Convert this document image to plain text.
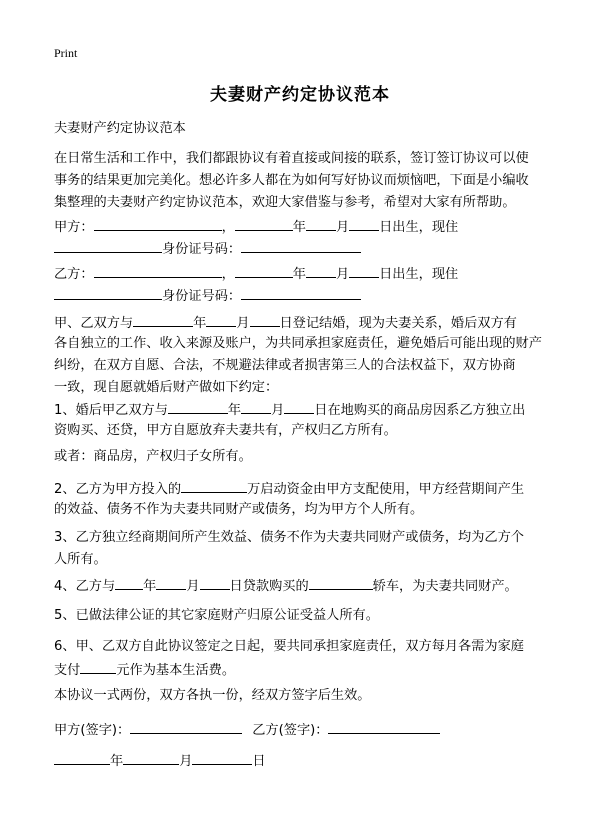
Print
夫妻财产约定协议范本
夫妻财产约定协议范本
在日常生活和工作中，我们都跟协议有着直接或间接的联系，签订签订协议可以使
事务的结果更加完美化。想必许多人都在为如何写好协议而烦恼吧，下面是小编收
集整理的夫妻财产约定协议范本，欢迎大家借鉴与参考，希望对大家有所帮助。
甲方：	，	年 月 日出生，现住
身份证号码：
乙方：	，	年 月 日出生，现住
身份证号码：
甲、乙双方与	年 月 日登记结婚，现为夫妻关系，婚后双方有
各自独立的工作、收入来源及账户，为共同承担家庭责任，避免婚后可能出现的财产
纠纷，在双方自愿、合法，不规避法律或者损害第三人的合法权益下，双方协商
一致，现自愿就婚后财产做如下约定：
1、婚后甲乙双方与	年 月 日在地购买的商品房因系乙方独立出
资购买、还贷，甲方自愿放弃夫妻共有，产权归乙方所有。
或者：商品房，产权归子女所有。
2、乙方为甲方投入的	万启动资金由甲方支配使用，甲方经营期间产生
的效益、债务不作为夫妻共同财产或债务，均为甲方个人所有。
3、乙方独立经商期间所产生效益、债务不作为夫妻共同财产或债务，均为乙方个
人所有。
4、乙方与 年 月 日贷款购买的	轿车，为夫妻共同财产。
5、已做法律公证的其它家庭财产归原公证受益人所有。
6、甲、乙双方自此协议签定之日起，要共同承担家庭责任，双方每月各需为家庭
支付	元作为基本生活费。
本协议一式两份，双方各执一份，经双方签字后生效。
甲方(签字)：	乙方(签字)：
年	月	日
